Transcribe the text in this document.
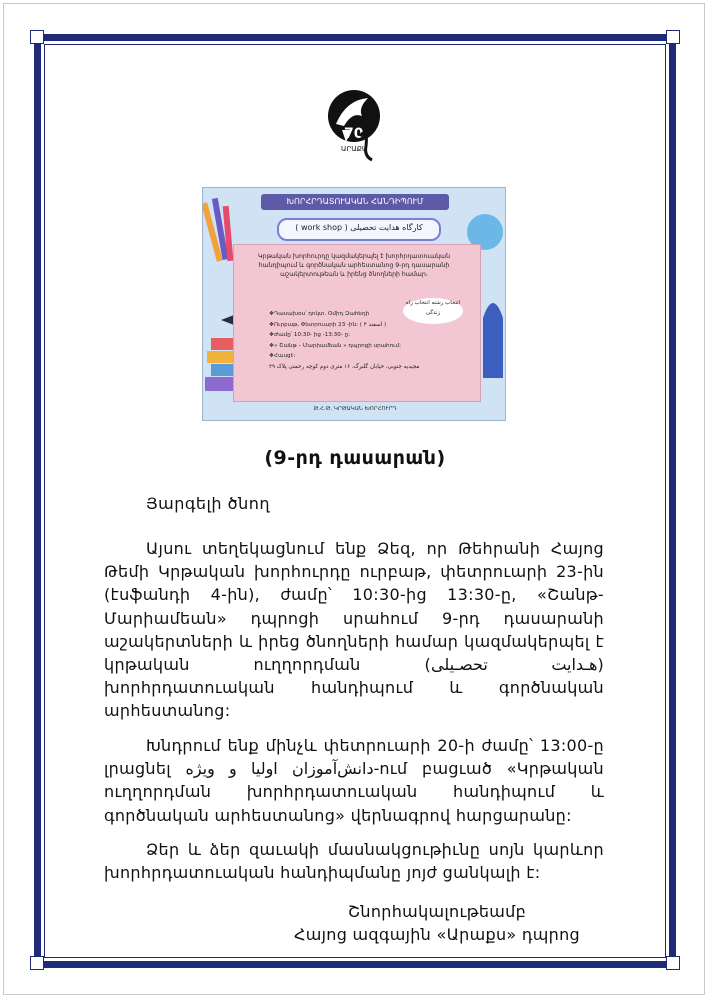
70
ԱՐԱՔՍ
ԽՈՐՀՐԴԱՏՈՒԱԿԱՆ ՀԱՆԴԻՊՈՒՄ
( work shop ) کارگاه هدایت تحصیلی
Կրթական խորհուրդը կազմակերպել է խորհրդատուական հանդիպում և գործնական արհեստանոց 9-րդ դասարանի աշակերտութեան և իրենց ծնողների համար։
انتخاب رشته انتخاب راه زندگی
❖Դասախօս՝ դոկտ. Օմիդ Զահեդի
❖Ուրբաթ, Փետրուարի 23 -ին: ( ۴ اسفند )
❖Ժամը՝ 10:30- ից -13:30- ը:
❖« Շանթ – Մարիամեան » դպրոցի սրահում:
❖Հասցէ:
مجیدیه جنوبی، خیابان گلبرگ، ۱۶ متری دوم کوچه رحمتی پلاک ۲۹
Թ.Հ.Թ. ԿՐԹԱԿԱՆ ԽՈՐՀՈՒՐԴ
(9-րդ դասարան)
Յարգելի ծնող

Այսու տեղեկացնում ենք Ձեզ, որ Թեհրանի Հայոց Թեմի Կրթական խորհուրդը ուրբաթ, փետրուարի 23-ին (էսֆանդի 4-ին), ժամը՝ 10:30-ից 13:30-ը, «Շանթ-Մարիամեան» դպրոցի սրահում 9-րդ դասարանի աշակերտների և իրեց ծնողների համար կազմակերպել է կրթական ուղղորդման (هـدایت تحصـیلی) խորհրդատուական հանդիպում և գործնական արհեստանոց:

Խնդրում ենք մինչև փետրուարի 20-ի ժամը՝ 13:00-ը լրացնել دانش‌آموزان اولیا و ویژه-ում բացւած «Կրթական ուղղորդման խորհրդատուական հանդիպում և գործնական արհեստանոց» վերնագրով հարցարանը:

Ձեր և ձեր զաւակի մասնակցութիւնը սոյն կարևոր խորհրդատուական հանդիպմանը յոյժ ցանկալի է:

Շնորհակալութեամբ
Հայոց ազգային «Արաքս» դպրոց
